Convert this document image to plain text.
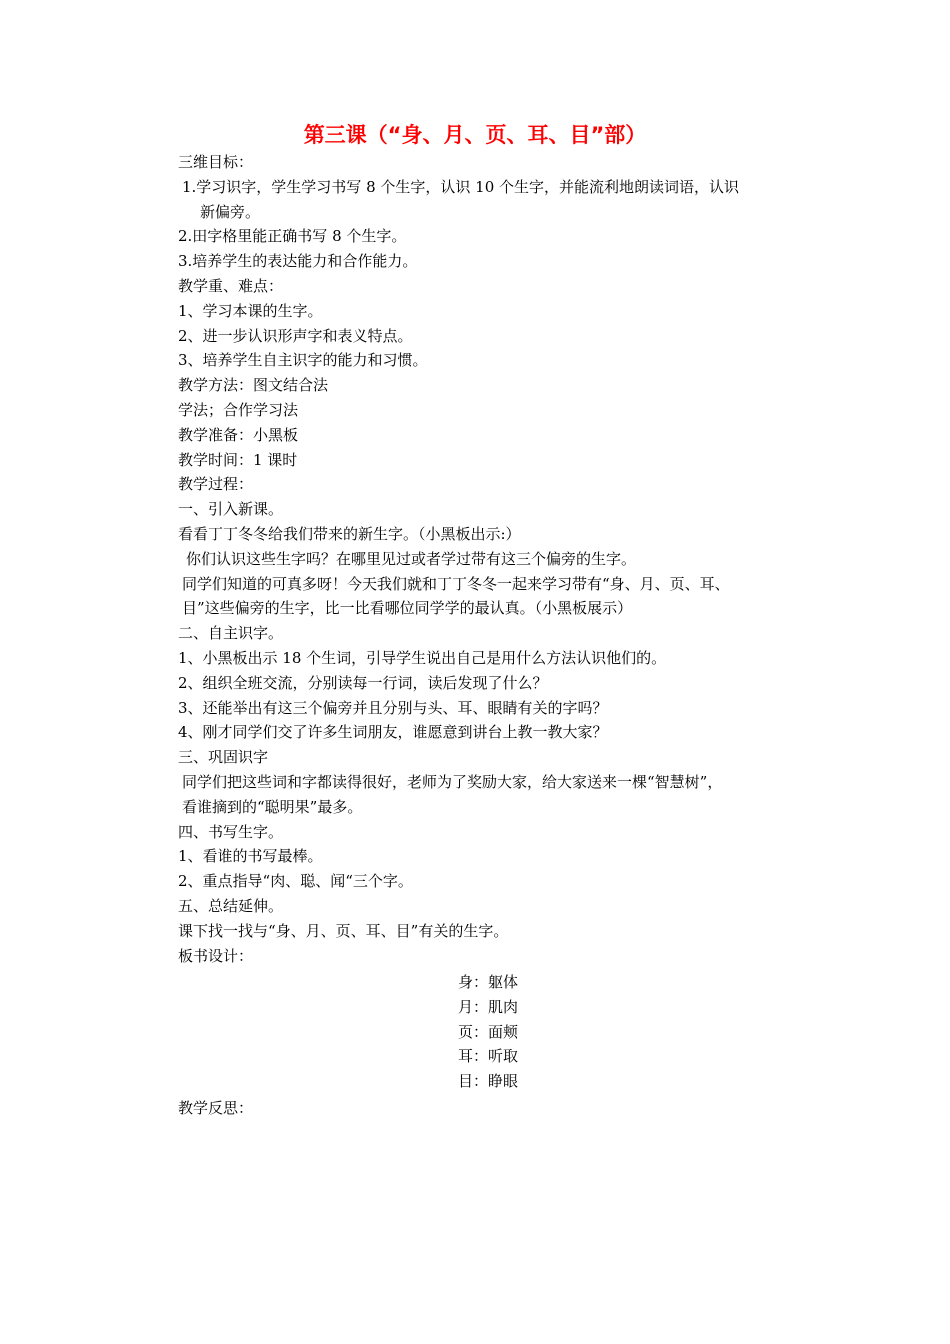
第三课（“身、月、页、耳、目”部）
三维目标：
1.学习识字，学生学习书写 8 个生字，认识 10 个生字，并能流利地朗读词语，认识
新偏旁。
2.田字格里能正确书写 8 个生字。
3.培养学生的表达能力和合作能力。
教学重、难点：
1、学习本课的生字。
2、进一步认识形声字和表义特点。
3、培养学生自主识字的能力和习惯。
教学方法：图文结合法
学法；合作学习法
教学准备：小黑板
教学时间：1 课时
教学过程：
一、引入新课。
看看丁丁冬冬给我们带来的新生字。（小黑板出示:）
你们认识这些生字吗？在哪里见过或者学过带有这三个偏旁的生字。
同学们知道的可真多呀！今天我们就和丁丁冬冬一起来学习带有“身、月、页、耳、
目”这些偏旁的生字，比一比看哪位同学学的最认真。（小黑板展示）
二、自主识字。
1、小黑板出示 18 个生词，引导学生说出自己是用什么方法认识他们的。
2、组织全班交流，分别读每一行词，读后发现了什么？
3、还能举出有这三个偏旁并且分别与头、耳、眼睛有关的字吗？
4、刚才同学们交了许多生词朋友，谁愿意到讲台上教一教大家？
三、巩固识字
同学们把这些词和字都读得很好，老师为了奖励大家，给大家送来一棵“智慧树”，
看谁摘到的“聪明果”最多。
四、书写生字。
1、看谁的书写最棒。
2、重点指导“肉、聪、闻“三个字。
五、总结延伸。
课下找一找与“身、月、页、耳、目”有关的生字。
板书设计：
身：躯体
月：肌肉
页：面颊
耳：听取
目：睁眼
教学反思：
